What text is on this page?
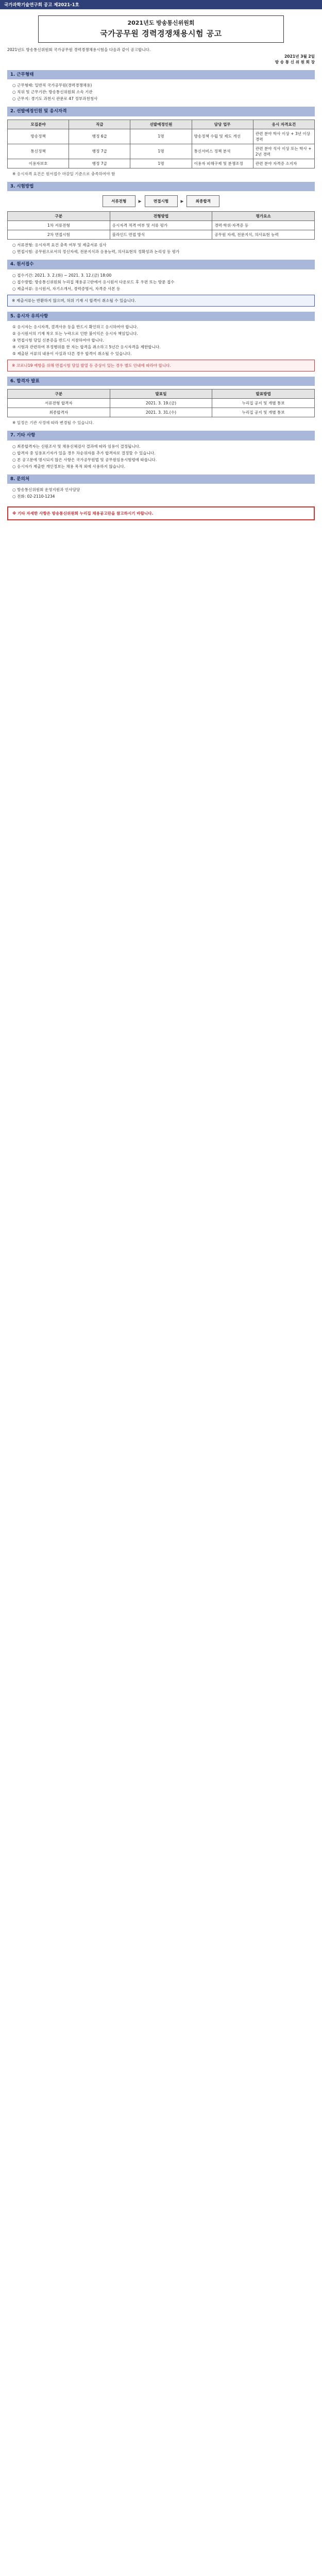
국가과학기술연구회 공고 제2021-1호
2021년도 방송통신위원회
국가공무원 경력경쟁채용시험 공고
2021년도 방송통신위원회 국가공무원 경력경쟁채용시험을 다음과 같이 공고합니다.
2021년 3월 2일
방 송 통 신 위 원 회 장
1. 근무형태
○ 근무형태: 일반직 국가공무원(경력경쟁채용)
○ 직위 및 근무기관: 방송통신위원회 소속 기관
○ 근무지: 경기도 과천시 관문로 47 정부과천청사
2. 선발예정인원 및 응시자격
모집분야	직급	선발예정인원	담당 업무	응시 자격요건
방송정책	행정 6급	1명	방송정책 수립 및 제도 개선	관련 분야 학사 이상 + 3년 이상 경력
통신정책	행정 7급	1명	통신서비스 정책 분석	관련 분야 석사 이상 또는 학사 + 2년 경력
이용자보호	행정 7급	1명	이용자 피해구제 및 분쟁조정	관련 분야 자격증 소지자
※ 응시자격 요건은 원서접수 마감일 기준으로 충족하여야 함
3. 시험방법
서류전형	▶	면접시험	▶	최종합격
구분	전형방법	평가요소
1차 서류전형	응시자격 적격 여부 및 서류 평가	경력·학위·자격증 등
2차 면접시험	블라인드 면접 방식	공무원 자세, 전문지식, 의사표현 능력
○ 서류전형: 응시자격 요건 충족 여부 및 제출서류 심사
○ 면접시험: 공무원으로서의 정신자세, 전문지식과 응용능력, 의사표현의 정확성과 논리성 등 평가
4. 원서접수
○ 접수기간: 2021. 3. 2.(화) ~ 2021. 3. 12.(금) 18:00
○ 접수방법: 방송통신위원회 누리집 채용공고란에서 응시원서 다운로드 후 우편 또는 방문 접수
○ 제출서류: 응시원서, 자기소개서, 경력증명서, 자격증 사본 등
※ 제출서류는 반환하지 않으며, 허위 기재 시 합격이 취소될 수 있습니다.
5. 응시자 유의사항
① 응시자는 응시자격, 결격사유 등을 반드시 확인하고 응시하여야 합니다.
② 응시원서의 기재 착오 또는 누락으로 인한 불이익은 응시자 책임입니다.
③ 면접시험 당일 신분증을 반드시 지참하여야 합니다.
④ 시험과 관련하여 부정행위를 한 자는 합격을 취소하고 5년간 응시자격을 제한합니다.
⑤ 제출된 서류의 내용이 사실과 다른 경우 합격이 취소될 수 있습니다.
※ 코로나19 예방을 위해 면접시험 당일 발열 등 증상이 있는 경우 별도 안내에 따라야 합니다.
6. 합격자 발표
구분	발표일	발표방법
서류전형 합격자	2021. 3. 19.(금)	누리집 공지 및 개별 통보
최종합격자	2021. 3. 31.(수)	누리집 공지 및 개별 통보
※ 일정은 기관 사정에 따라 변경될 수 있습니다.
7. 기타 사항
○ 최종합격자는 신원조사 및 채용신체검사 결과에 따라 임용이 결정됩니다.
○ 합격자 중 임용포기자가 있을 경우 차순위자를 추가 합격자로 결정할 수 있습니다.
○ 본 공고문에 명시되지 않은 사항은 국가공무원법 및 공무원임용시험령에 따릅니다.
○ 응시자가 제출한 개인정보는 채용 목적 외에 사용하지 않습니다.
8. 문의처
○ 방송통신위원회 운영지원과 인사담당
○ 전화: 02-2110-1234
※ 기타 자세한 사항은 방송통신위원회 누리집 채용공고란을 참고하시기 바랍니다.
